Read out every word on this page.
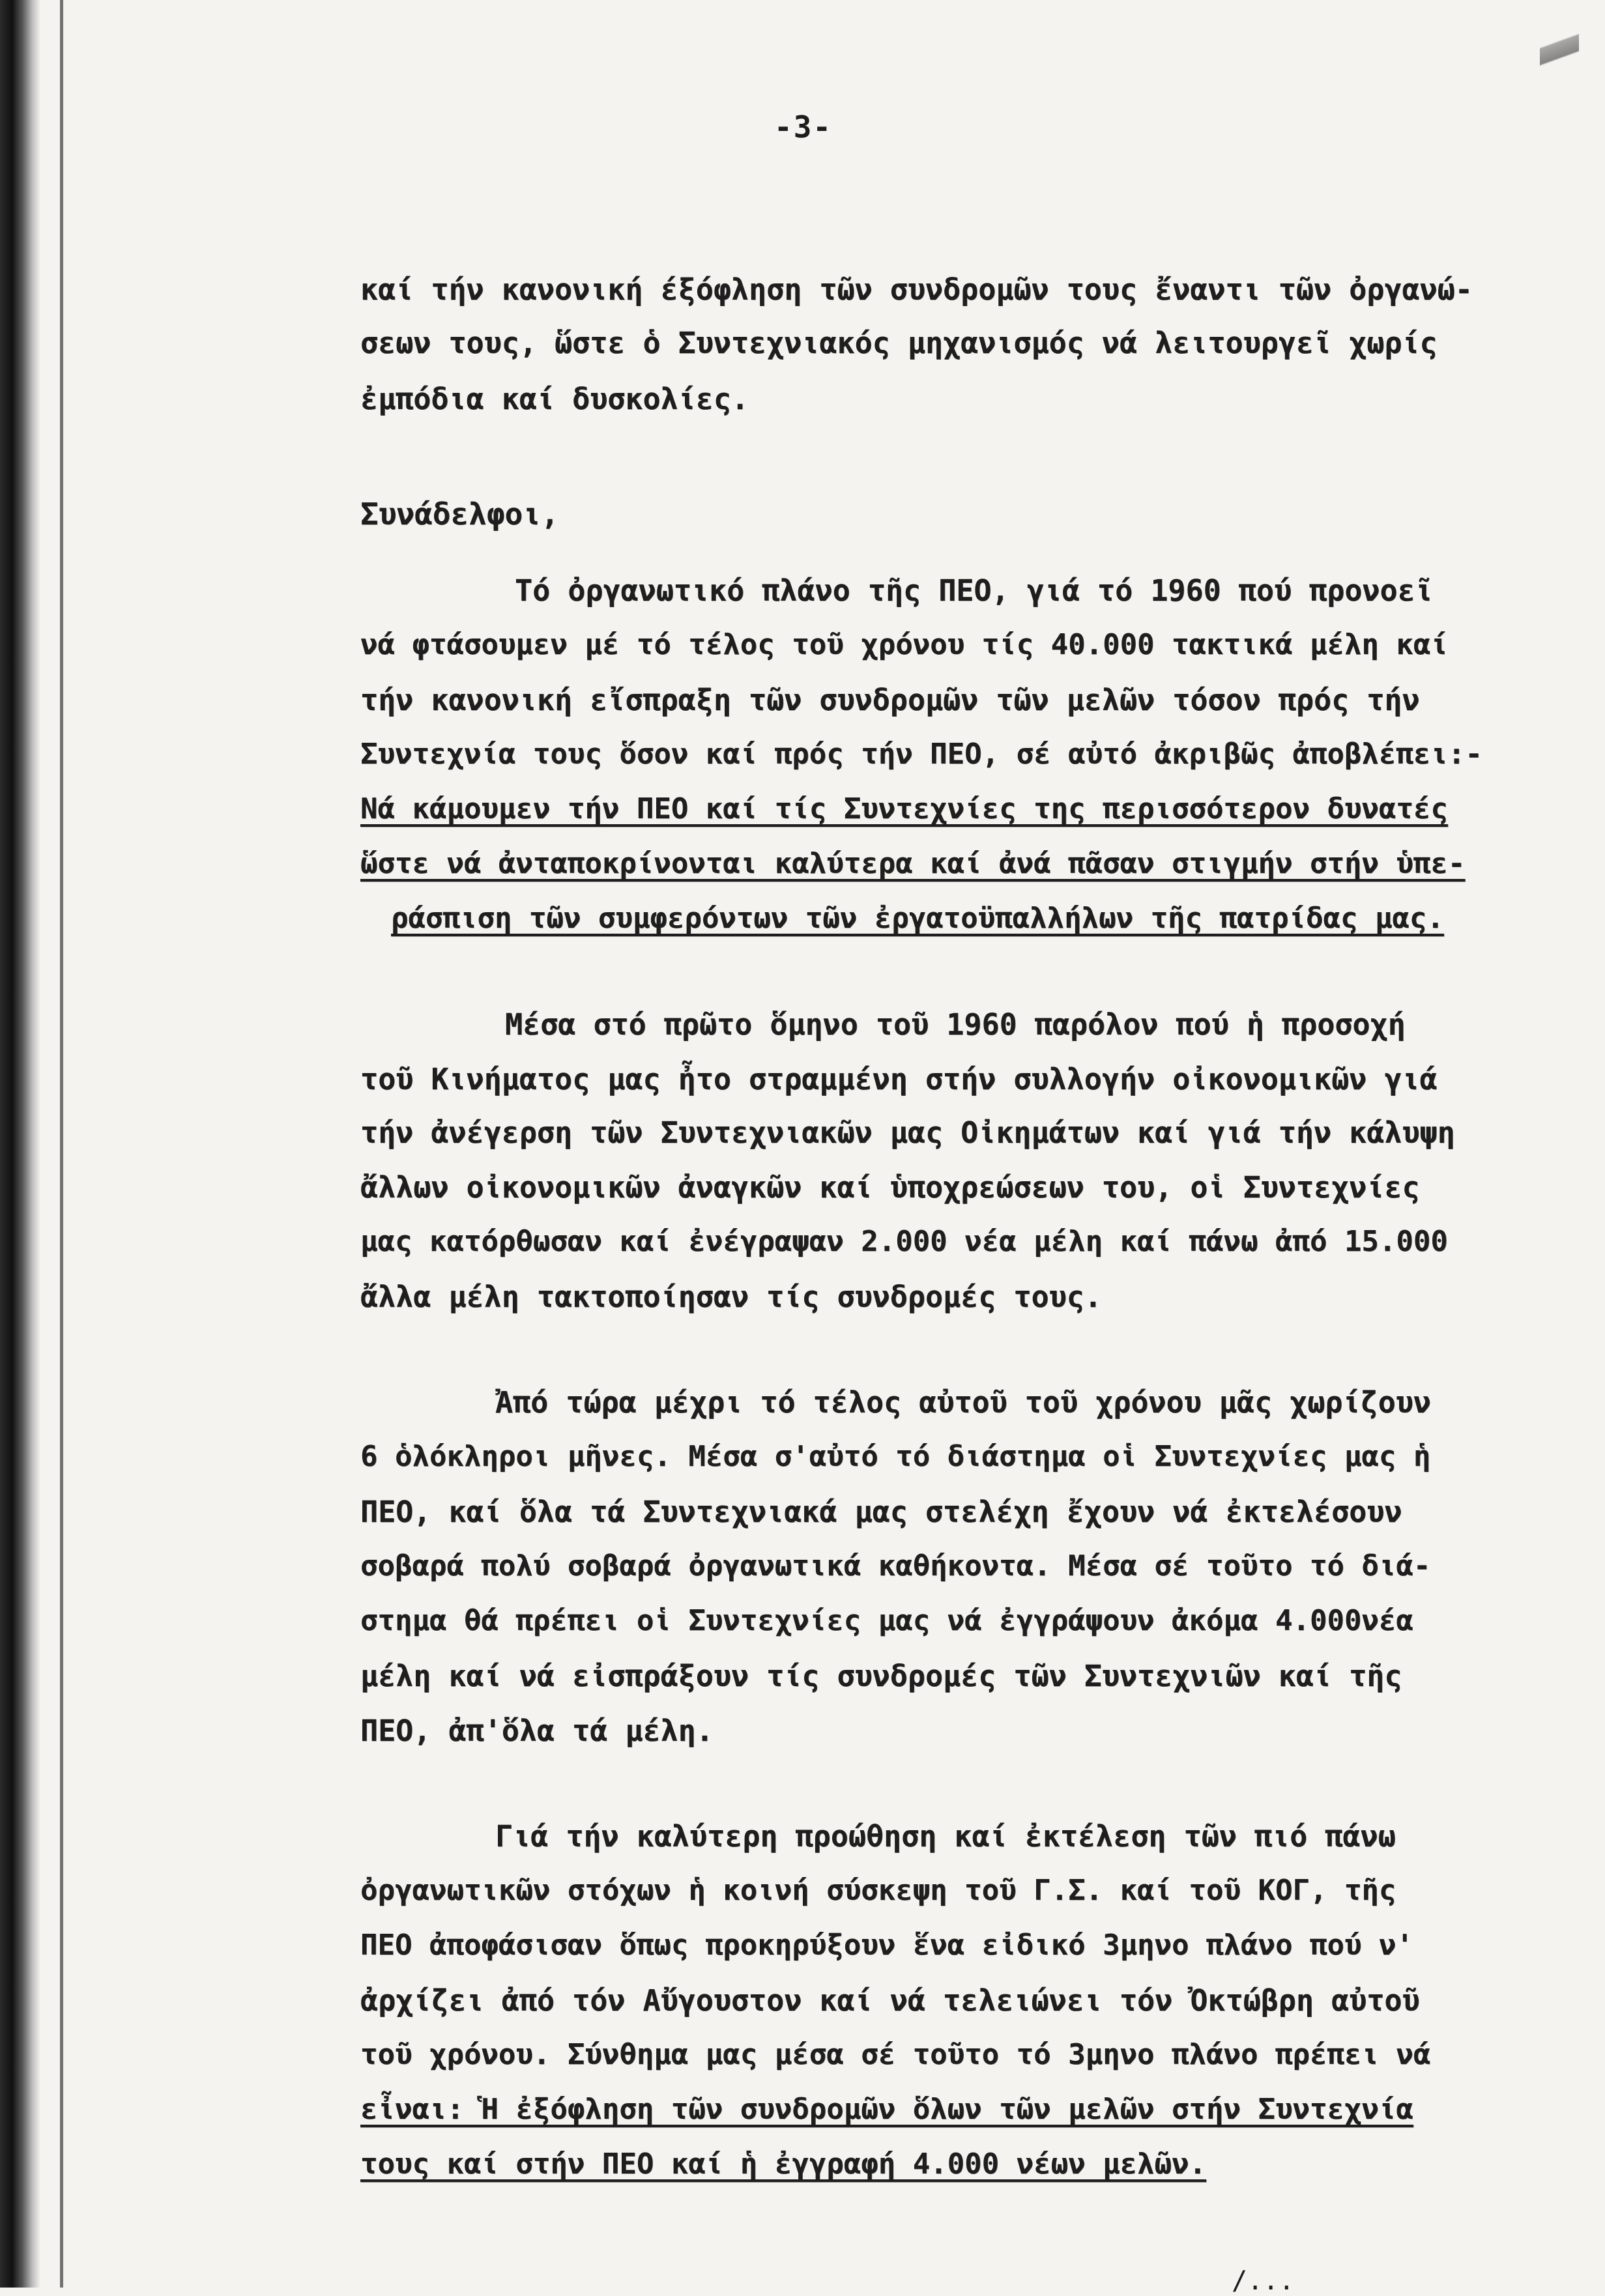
-3-
καί τήν κανονική έξόφληση τῶν συνδρομῶν τους ἔναντι τῶν ὀργανώ-
σεων τους, ὥστε ὁ Συντεχνιακός μηχανισμός νά λειτουργεῖ χωρίς
ἐμπόδια καί δυσκολίες.
Συνάδελφοι,
Τό ὀργανωτικό πλάνο τῆς ΠΕΟ, γιά τό 1960 πού προνοεῖ
νά φτάσουμεν μέ τό τέλος τοῦ χρόνου τίς 40.000 τακτικά μέλη καί
τήν κανονική εἴσπραξη τῶν συνδρομῶν τῶν μελῶν τόσον πρός τήν
Συντεχνία τους ὅσον καί πρός τήν ΠΕΟ, σέ αὐτό ἀκριβῶς ἀποβλέπει:-
Νά κάμουμεν τήν ΠΕΟ καί τίς Συντεχνίες της περισσότερον δυνατές
ὥστε νά ἀνταποκρίνονται καλύτερα καί ἀνά πᾶσαν στιγμήν στήν ὑπε-
ράσπιση τῶν συμφερόντων τῶν ἐργατοϋπαλλήλων τῆς πατρίδας μας.
Μέσα στό πρῶτο ὅμηνο τοῦ 1960 παρόλον πού ἡ προσοχή
τοῦ Κινήματος μας ἦτο στραμμένη στήν συλλογήν οἰκονομικῶν γιά
τήν ἀνέγερση τῶν Συντεχνιακῶν μας Οἰκημάτων καί γιά τήν κάλυψη
ἄλλων οἰκονομικῶν ἀναγκῶν καί ὑποχρεώσεων του, οἱ Συντεχνίες
μας κατόρθωσαν καί ἐνέγραψαν 2.000 νέα μέλη καί πάνω ἀπό 15.000
ἄλλα μέλη τακτοποίησαν τίς συνδρομές τους.
Ἀπό τώρα μέχρι τό τέλος αὐτοῦ τοῦ χρόνου μᾶς χωρίζουν
6 ὁλόκληροι μῆνες. Μέσα σ'αὐτό τό διάστημα οἱ Συντεχνίες μας ἡ
ΠΕΟ, καί ὅλα τά Συντεχνιακά μας στελέχη ἔχουν νά ἐκτελέσουν
σοβαρά πολύ σοβαρά ὀργανωτικά καθήκοντα. Μέσα σέ τοῦτο τό διά-
στημα θά πρέπει οἱ Συντεχνίες μας νά ἐγγράψουν ἀκόμα 4.000νέα
μέλη καί νά εἰσπράξουν τίς συνδρομές τῶν Συντεχνιῶν καί τῆς
ΠΕΟ, ἀπ'ὅλα τά μέλη.
Γιά τήν καλύτερη προώθηση καί ἐκτέλεση τῶν πιό πάνω
ὀργανωτικῶν στόχων ἡ κοινή σύσκεψη τοῦ Γ.Σ. καί τοῦ ΚΟΓ, τῆς
ΠΕΟ ἀποφάσισαν ὅπως προκηρύξουν ἕνα εἰδικό 3μηνο πλάνο πού ν'
ἀρχίζει ἀπό τόν Αὔγουστον καί νά τελειώνει τόν Ὀκτώβρη αὐτοῦ
τοῦ χρόνου. Σύνθημα μας μέσα σέ τοῦτο τό 3μηνο πλάνο πρέπει νά
εἶναι: Ἡ ἐξόφληση τῶν συνδρομῶν ὅλων τῶν μελῶν στήν Συντεχνία
τους καί στήν ΠΕΟ καί ἡ ἐγγραφή 4.000 νέων μελῶν.
/...
